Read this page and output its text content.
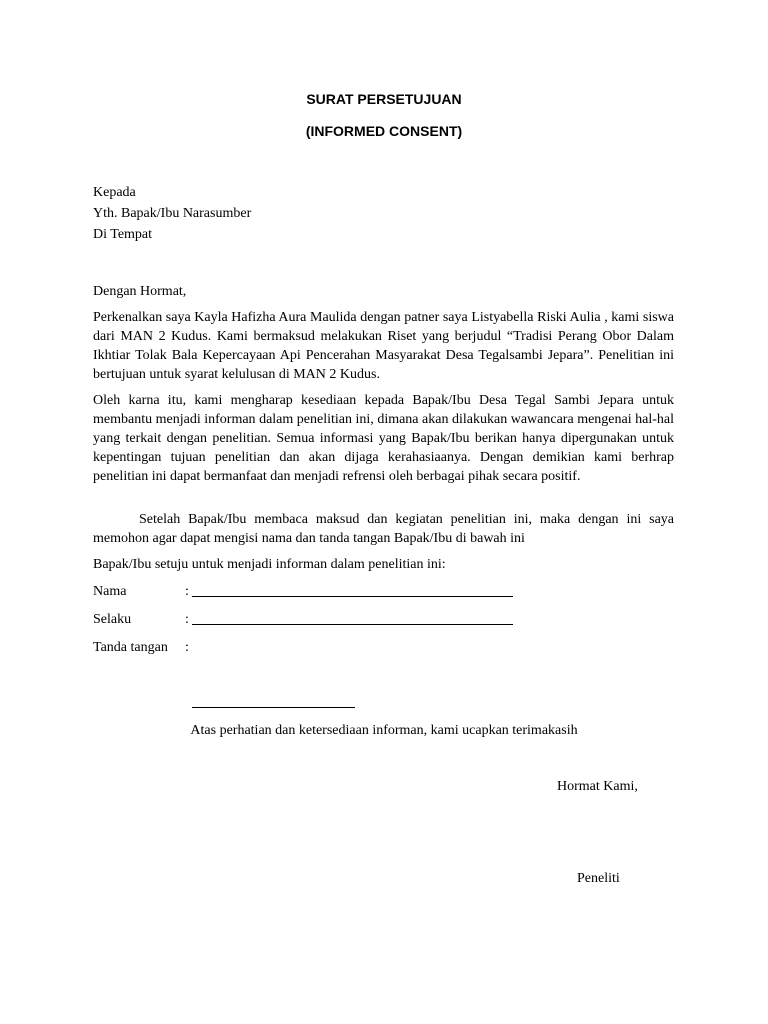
SURAT PERSETUJUAN
(INFORMED CONSENT)
Kepada
Yth. Bapak/Ibu Narasumber
Di Tempat
Dengan Hormat,

Perkenalkan saya Kayla Hafizha Aura Maulida dengan patner saya Listyabella Riski Aulia , kami siswa dari MAN 2 Kudus. Kami bermaksud melakukan Riset yang berjudul “Tradisi Perang Obor Dalam Ikhtiar Tolak Bala Kepercayaan Api Pencerahan Masyarakat Desa Tegalsambi Jepara”. Penelitian ini bertujuan untuk syarat kelulusan di MAN 2 Kudus.

Oleh karna itu, kami mengharap kesediaan kepada Bapak/Ibu Desa Tegal Sambi Jepara untuk membantu menjadi informan dalam penelitian ini, dimana akan dilakukan wawancara mengenai hal-hal yang terkait dengan penelitian. Semua informasi yang Bapak/Ibu berikan hanya dipergunakan untuk kepentingan tujuan penelitian dan akan dijaga kerahasiaanya. Dengan demikian kami berhrap penelitian ini dapat bermanfaat dan menjadi refrensi oleh berbagai pihak secara positif.

Setelah Bapak/Ibu membaca maksud dan kegiatan penelitian ini, maka dengan ini saya memohon agar dapat mengisi nama dan tanda tangan Bapak/Ibu di bawah ini

Bapak/Ibu setuju untuk menjadi informan dalam penelitian ini:
Nama	:
Selaku	:
Tanda tangan :
Atas perhatian dan ketersediaan informan, kami ucapkan terimakasih
Hormat Kami,
Peneliti
